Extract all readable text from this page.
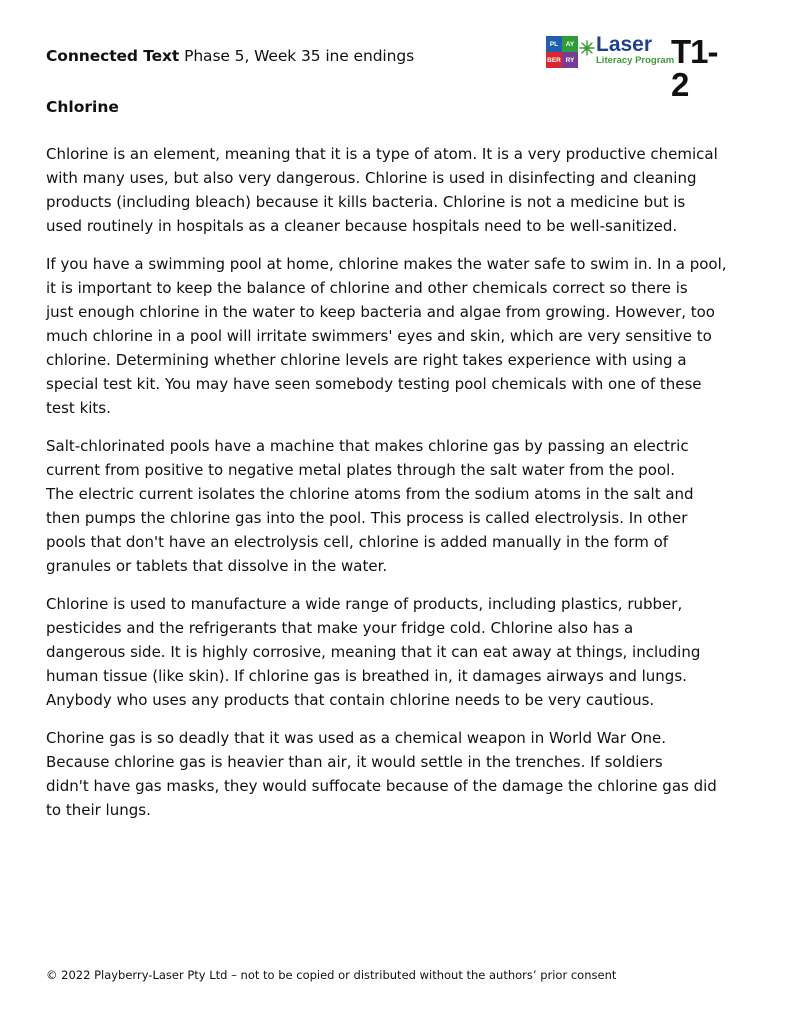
Connected Text Phase 5, Week 35 ine endings
PL	AY
BER RY
Laser
Literacy Program
T1-2
Chlorine

Chlorine is an element, meaning that it is a type of atom. It is a very productive chemical
with many uses, but also very dangerous. Chlorine is used in disinfecting and cleaning
products (including bleach) because it kills bacteria. Chlorine is not a medicine but is
used routinely in hospitals as a cleaner because hospitals need to be well-sanitized.

If you have a swimming pool at home, chlorine makes the water safe to swim in. In a pool,
it is important to keep the balance of chlorine and other chemicals correct so there is
just enough chlorine in the water to keep bacteria and algae from growing. However, too
much chlorine in a pool will irritate swimmers' eyes and skin, which are very sensitive to
chlorine. Determining whether chlorine levels are right takes experience with using a
special test kit. You may have seen somebody testing pool chemicals with one of these
test kits.

Salt-chlorinated pools have a machine that makes chlorine gas by passing an electric
current from positive to negative metal plates through the salt water from the pool.
The electric current isolates the chlorine atoms from the sodium atoms in the salt and
then pumps the chlorine gas into the pool. This process is called electrolysis. In other
pools that don't have an electrolysis cell, chlorine is added manually in the form of
granules or tablets that dissolve in the water.

Chlorine is used to manufacture a wide range of products, including plastics, rubber,
pesticides and the refrigerants that make your fridge cold. Chlorine also has a
dangerous side. It is highly corrosive, meaning that it can eat away at things, including
human tissue (like skin). If chlorine gas is breathed in, it damages airways and lungs.
Anybody who uses any products that contain chlorine needs to be very cautious.

Chorine gas is so deadly that it was used as a chemical weapon in World War One.
Because chlorine gas is heavier than air, it would settle in the trenches. If soldiers
didn't have gas masks, they would suffocate because of the damage the chlorine gas did
to their lungs.

© 2022 Playberry-Laser Pty Ltd – not to be copied or distributed without the authors’ prior consent
